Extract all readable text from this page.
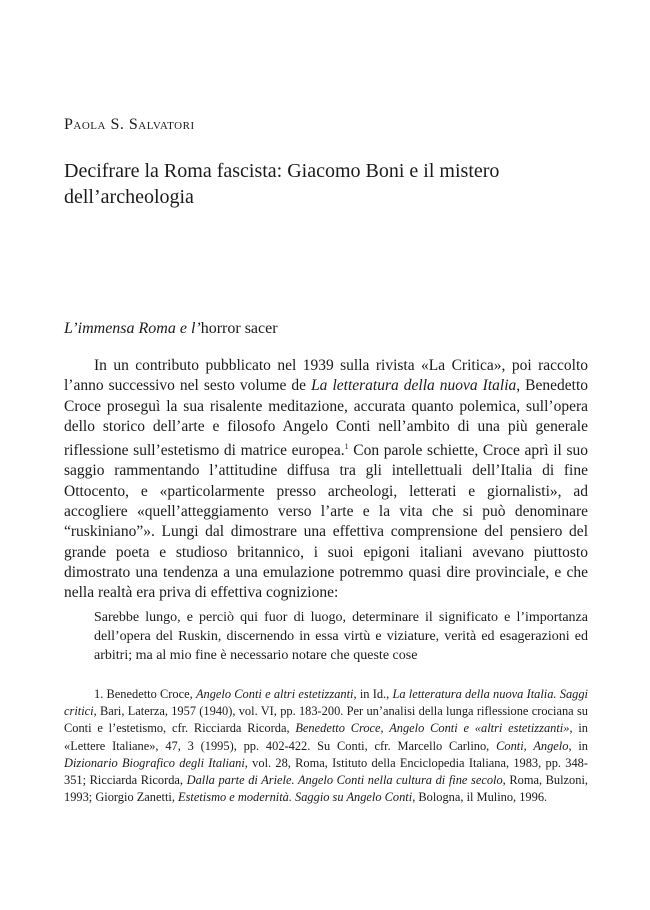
Paola S. Salvatori
Decifrare la Roma fascista: Giacomo Boni e il mistero dell’archeologia
L’immensa Roma e l’horror sacer

In un contributo pubblicato nel 1939 sulla rivista «La Critica», poi raccolto l’anno successivo nel sesto volume de La letteratura della nuova Italia, Benedetto Croce proseguì la sua risalente meditazione, accurata quanto polemica, sull’opera dello storico dell’arte e filosofo Angelo Conti nell’ambito di una più generale riflessione sull’estetismo di matrice europea.$^1$ Con parole schiette, Croce aprì il suo saggio rammentando l’attitudine diffusa tra gli intellettuali dell’Italia di fine Ottocento, e «particolarmente presso archeologi, letterati e giornalisti», ad accogliere «quell’atteggiamento verso l’arte e la vita che si può denominare “ruskiniano”». Lungi dal dimostrare una effettiva comprensione del pensiero del grande poeta e studioso britannico, i suoi epigoni italiani avevano piuttosto dimostrato una tendenza a una emulazione potremmo quasi dire provinciale, e che nella realtà era priva di effettiva cognizione:

Sarebbe lungo, e perciò qui fuor di luogo, determinare il significato e l’importanza dell’opera del Ruskin, discernendo in essa virtù e viziature, verità ed esagerazioni ed arbitri; ma al mio fine è necessario notare che queste cose

1. Benedetto Croce, Angelo Conti e altri estetizzanti, in Id., La letteratura della nuova Italia. Saggi critici, Bari, Laterza, 1957 (1940), vol. VI, pp. 183-200. Per un’analisi della lunga riflessione crociana su Conti e l’estetismo, cfr. Ricciarda Ricorda, Benedetto Croce, Angelo Conti e «altri estetizzanti», in «Lettere Italiane», 47, 3 (1995), pp. 402-422. Su Conti, cfr. Marcello Carlino, Conti, Angelo, in Dizionario Biografico degli Italiani, vol. 28, Roma, Istituto della Enciclopedia Italiana, 1983, pp. 348-351; Ricciarda Ricorda, Dalla parte di Ariele. Angelo Conti nella cultura di fine secolo, Roma, Bulzoni, 1993; Giorgio Zanetti, Estetismo e modernità. Saggio su Angelo Conti, Bologna, il Mulino, 1996.
